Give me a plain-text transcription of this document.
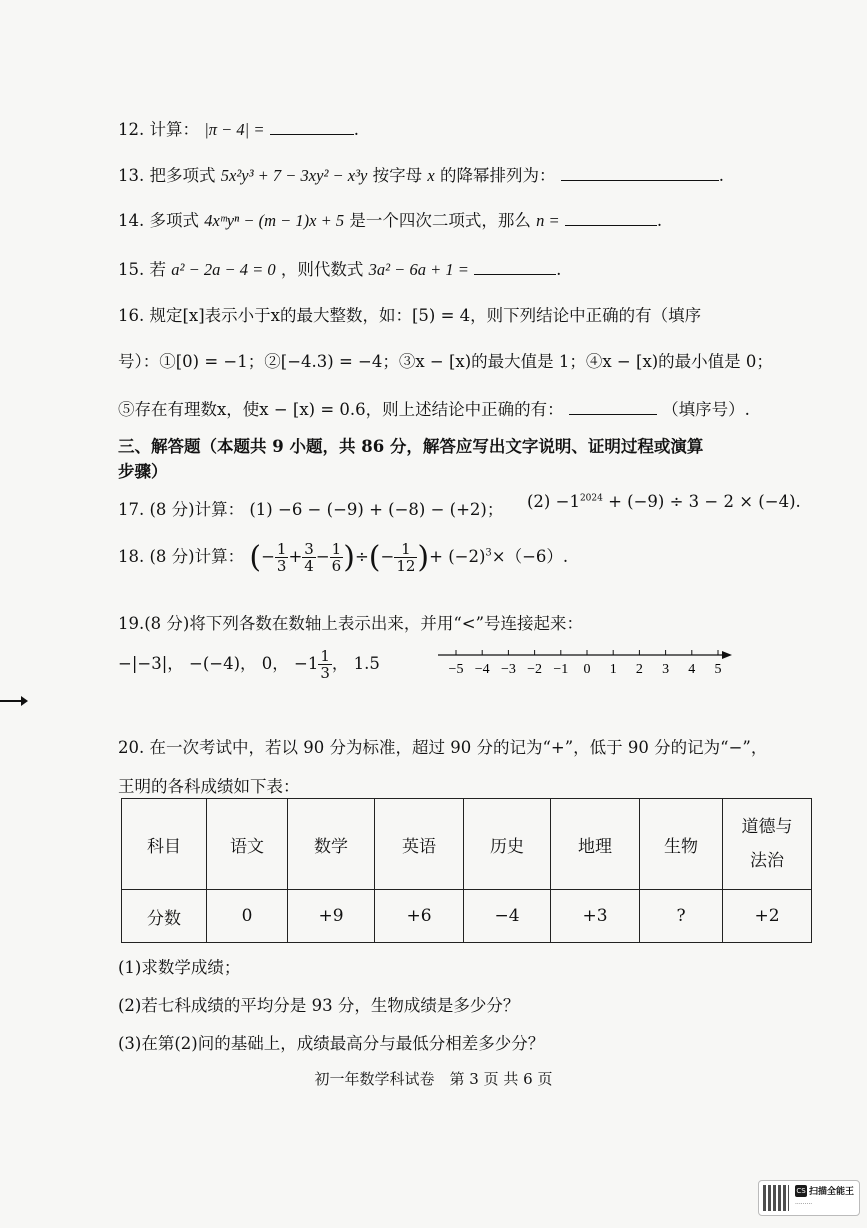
12. 计算： |π − 4| =	.
13. 把多项式 5x²y³ + 7 − 3xy² − x³y 按字母 x 的降幂排列为：	.
14. 多项式 4xᵐyⁿ − (m − 1)x + 5 是一个四次二项式，那么 n =	.
15. 若 a² − 2a − 4 = 0 ，则代数式 3a² − 6a + 1 =	.
16. 规定[x]表示小于x的最大整数，如：[5) = 4，则下列结论中正确的有（填序
号）：①[0) = −1；②[−4.3) = −4；③x − [x)的最大值是 1；④x − [x)的最小值是 0；
⑤存在有理数x，使x − [x) = 0.6，则上述结论中正确的有：	（填序号）.
三、解答题（本题共 9 小题，共 86 分，解答应写出文字说明、证明过程或演算
步骤）
17. (8 分)计算： (1) −6 − (−9) + (−8) − (+2)； $(2) -1^{2024} + (-9) \div 3 - 2 \times (-4)$.
18. (8 分)计算： (− $\frac{1}{3} + \frac{3}{4} - \frac{1}{6}$ )÷(− $\frac{1}{12}$ )+ $(-2)^3\times(-6)$.
19.(8 分)将下列各数在数轴上表示出来，并用“<”号连接起来：
−|−3|， −(−4)， 0， $-1 \frac{1}{3}$ ， 1.5	−5 −4 −3 −2 −1 0 1 2 3 4 5
20. 在一次考试中，若以 90 分为标准，超过 90 分的记为“+”，低于 90 分的记为“−”，
王明的各科成绩如下表：
科目	语文	数学	英语	历史	地理	生物	道德与
法治
分数	0	+9	+6	−4	+3	?	+2
(1)求数学成绩；
(2)若七科成绩的平均分是 93 分，生物成绩是多少分？
(3)在第(2)问的基础上，成绩最高分与最低分相差多少分？
初一年数学科试卷　第 3 页 共 6 页
CS 扫描全能王
·········
